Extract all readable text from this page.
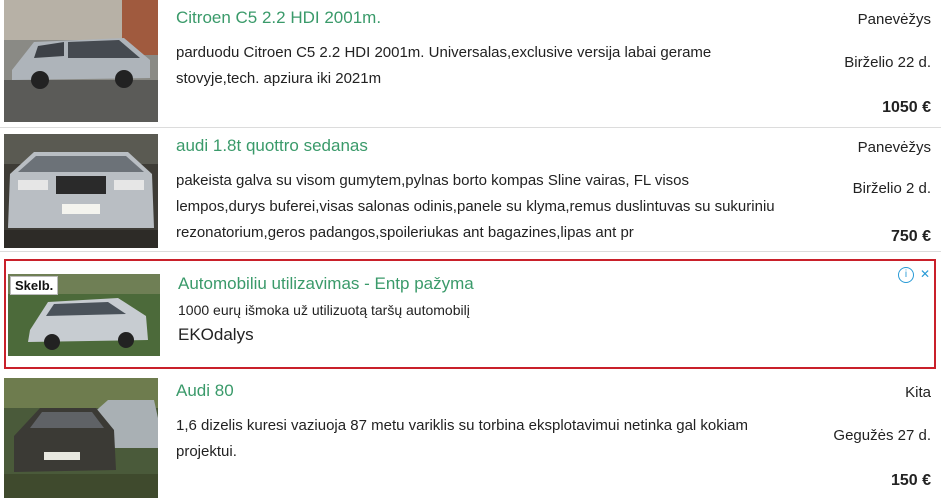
Citroen C5 2.2 HDI 2001m.
parduodu Citroen C5 2.2 HDI 2001m. Universalas,exclusive versija labai gerame stovyje,tech. apziura iki 2021m
Panevėžys
Birželio 22 d.
1050 €
audi 1.8t quottro sedanas
pakeista galva su visom gumytem,pylnas borto kompas Sline vairas, FL visos lempos,durys buferei,visas salonas odinis,panele su klyma,remus duslintuvas su sukuriniu rezonatorium,geros padangos,spoileriukas ant bagazines,lipas ant pr
Panevėžys
Birželio 2 d.
750 €
Skelb.	Automobiliu utilizavimas - Entp pažyma
1000 eurų išmoka už utilizuotą taršų automobilį
EKOdalys
i	✕
Audi 80
1,6 dizelis kuresi vaziuoja 87 metu variklis su torbina eksplotavimui netinka gal kokiam projektui.
Kita
Gegužės 27 d.
150 €
